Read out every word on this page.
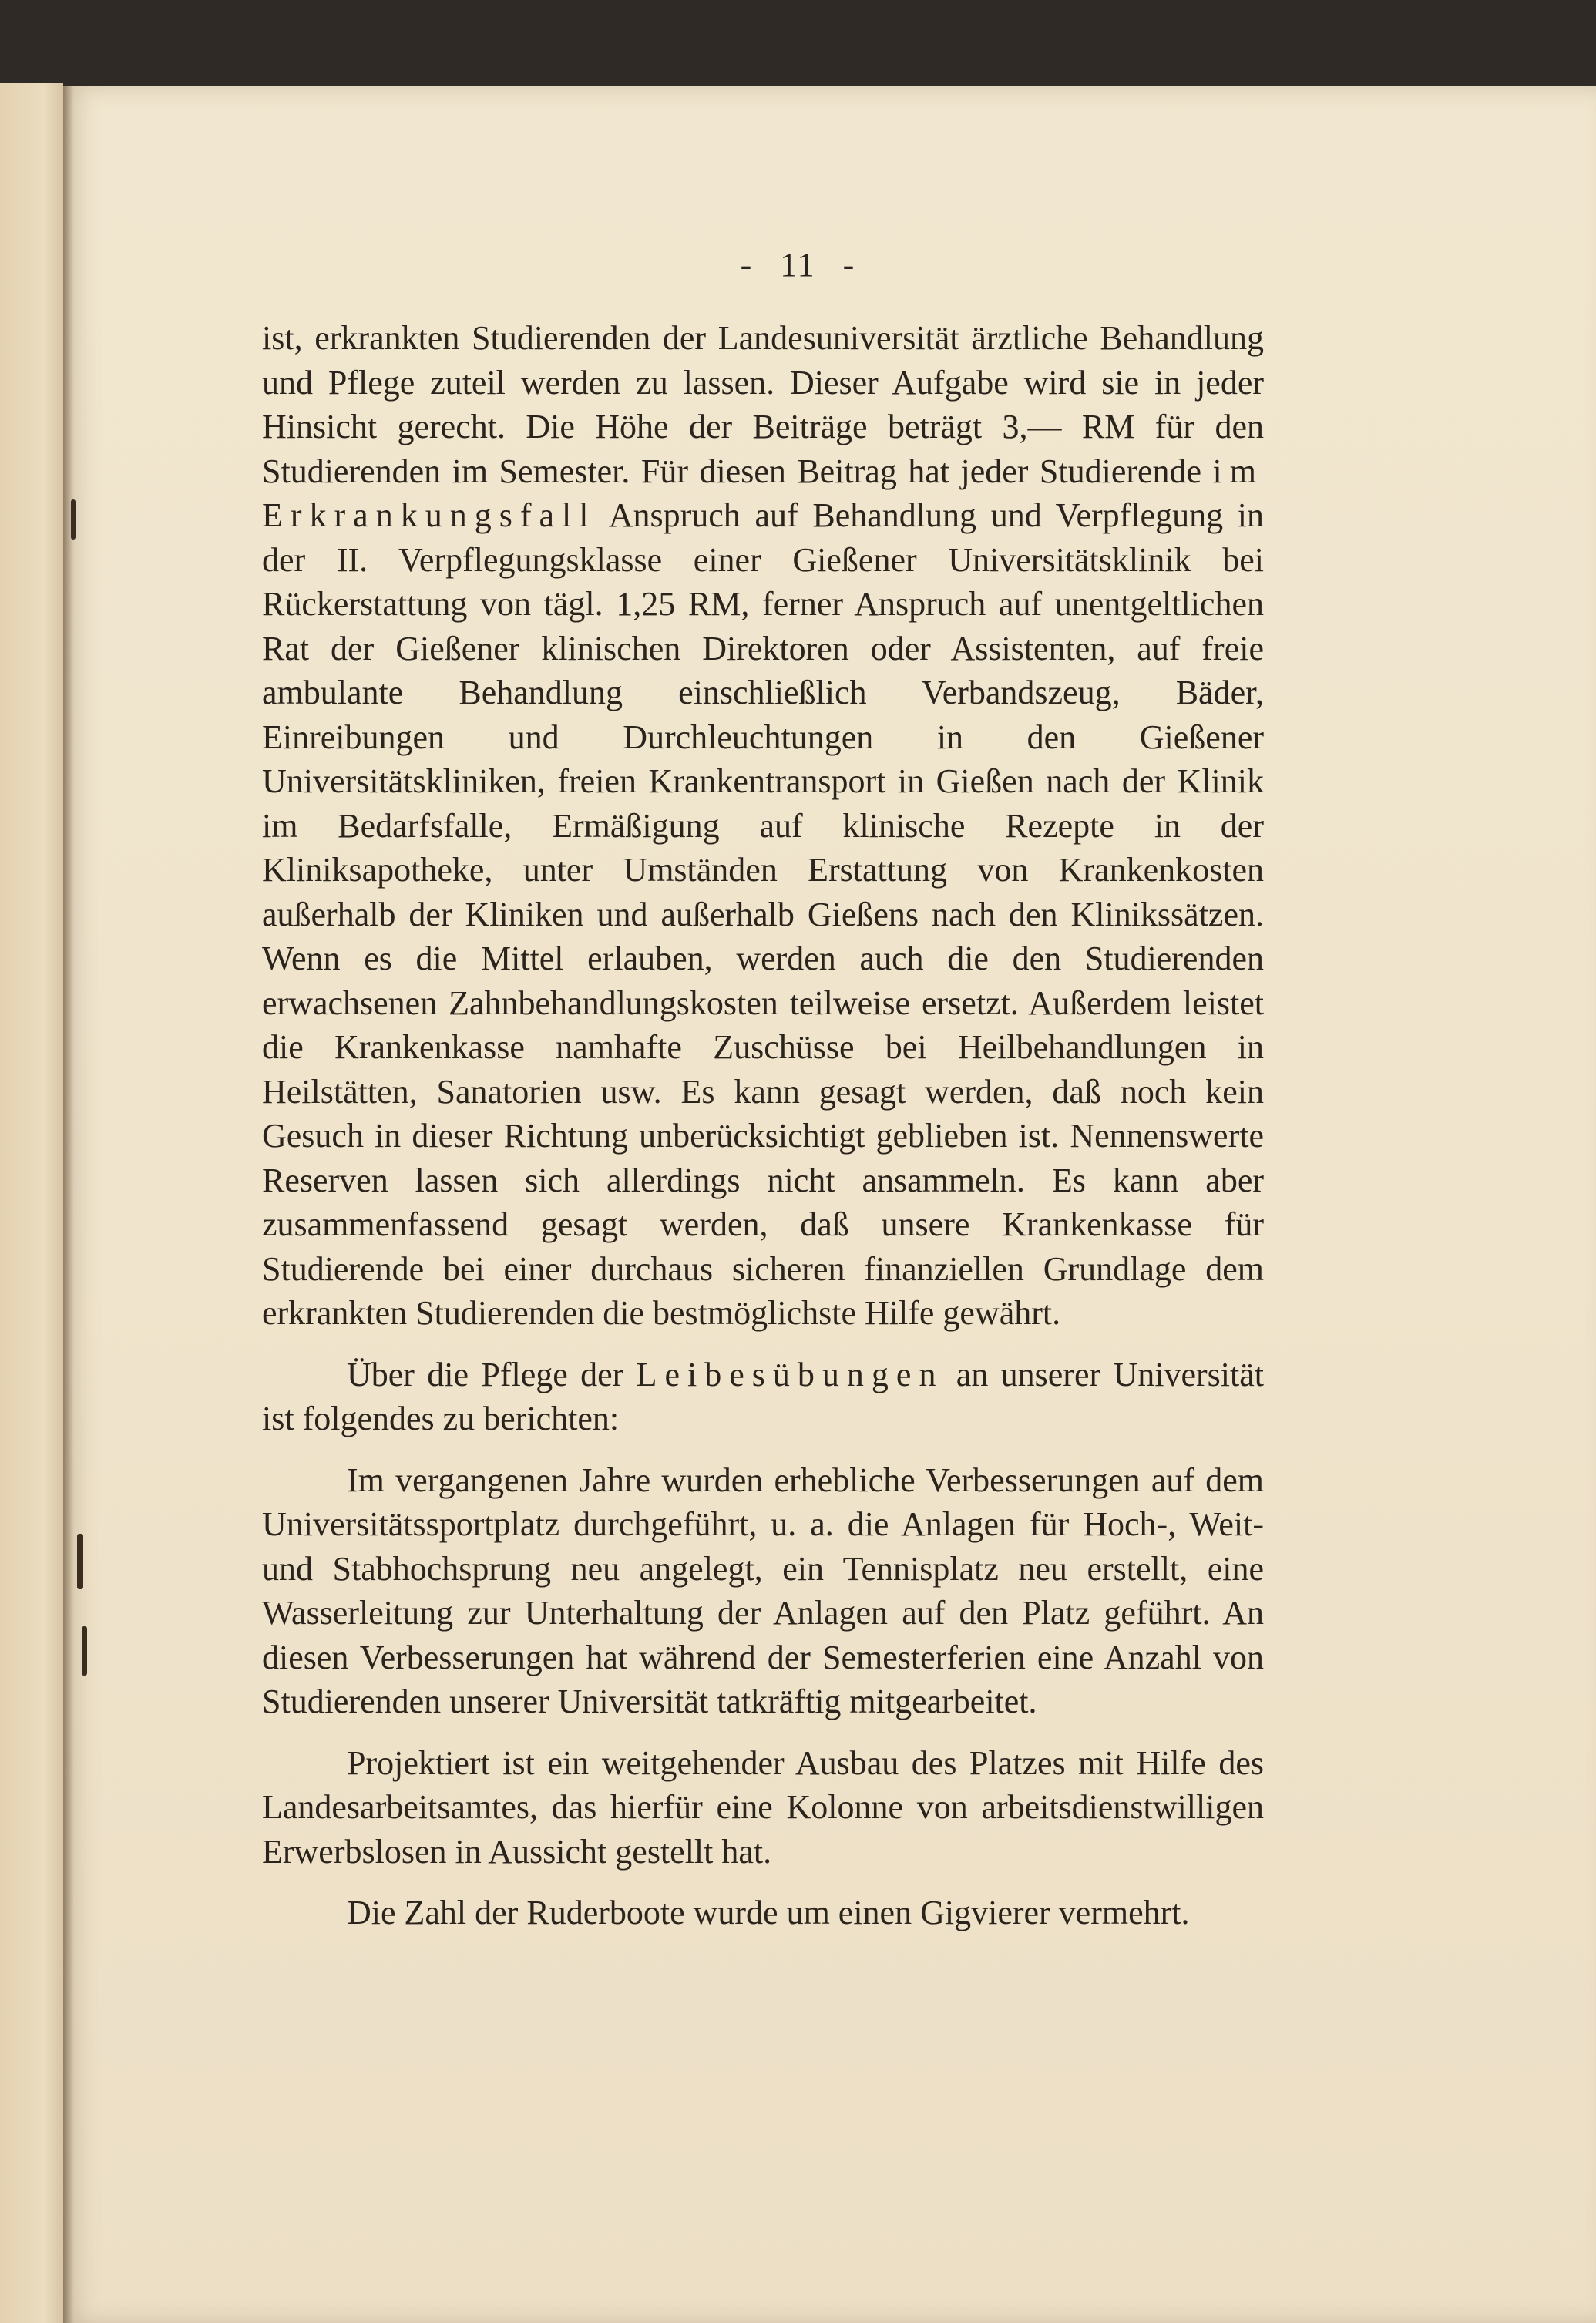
- 11 -

ist, erkrankten Studierenden der Landesuniversität ärztliche Behandlung und Pflege zuteil werden zu lassen. Dieser Aufgabe wird sie in jeder Hinsicht gerecht. Die Höhe der Beiträge beträgt 3,— RM für den Studierenden im Semester. Für diesen Beitrag hat jeder Studierende im Erkrankungsfall Anspruch auf Behandlung und Verpflegung in der II. Verpflegungsklasse einer Gießener Universitätsklinik bei Rückerstattung von tägl. 1,25 RM, ferner Anspruch auf unentgeltlichen Rat der Gießener klinischen Direktoren oder Assistenten, auf freie ambulante Behandlung einschließlich Verbandszeug, Bäder, Einreibungen und Durchleuchtungen in den Gießener Universitätskliniken, freien Krankentransport in Gießen nach der Klinik im Bedarfsfalle, Ermäßigung auf klinische Rezepte in der Kliniksapotheke, unter Umständen Erstattung von Krankenkosten außerhalb der Kliniken und außerhalb Gießens nach den Klinikssätzen. Wenn es die Mittel erlauben, werden auch die den Studierenden erwachsenen Zahnbehandlungskosten teilweise ersetzt. Außerdem leistet die Krankenkasse namhafte Zuschüsse bei Heilbehandlungen in Heilstätten, Sanatorien usw. Es kann gesagt werden, daß noch kein Gesuch in dieser Richtung unberücksichtigt geblieben ist. Nennenswerte Reserven lassen sich allerdings nicht ansammeln. Es kann aber zusammenfassend gesagt werden, daß unsere Krankenkasse für Studierende bei einer durchaus sicheren finanziellen Grundlage dem erkrankten Studierenden die bestmöglichste Hilfe gewährt.

Über die Pflege der Leibesübungen an unserer Universität ist folgendes zu berichten:

Im vergangenen Jahre wurden erhebliche Verbesserungen auf dem Universitätssportplatz durchgeführt, u. a. die Anlagen für Hoch-, Weit- und Stabhochsprung neu angelegt, ein Tennisplatz neu erstellt, eine Wasserleitung zur Unterhaltung der Anlagen auf den Platz geführt. An diesen Verbesserungen hat während der Semesterferien eine Anzahl von Studierenden unserer Universität tatkräftig mitgearbeitet.

Projektiert ist ein weitgehender Ausbau des Platzes mit Hilfe des Landesarbeitsamtes, das hierfür eine Kolonne von arbeitsdienstwilligen Erwerbslosen in Aussicht gestellt hat.

Die Zahl der Ruderboote wurde um einen Gigvierer vermehrt.
